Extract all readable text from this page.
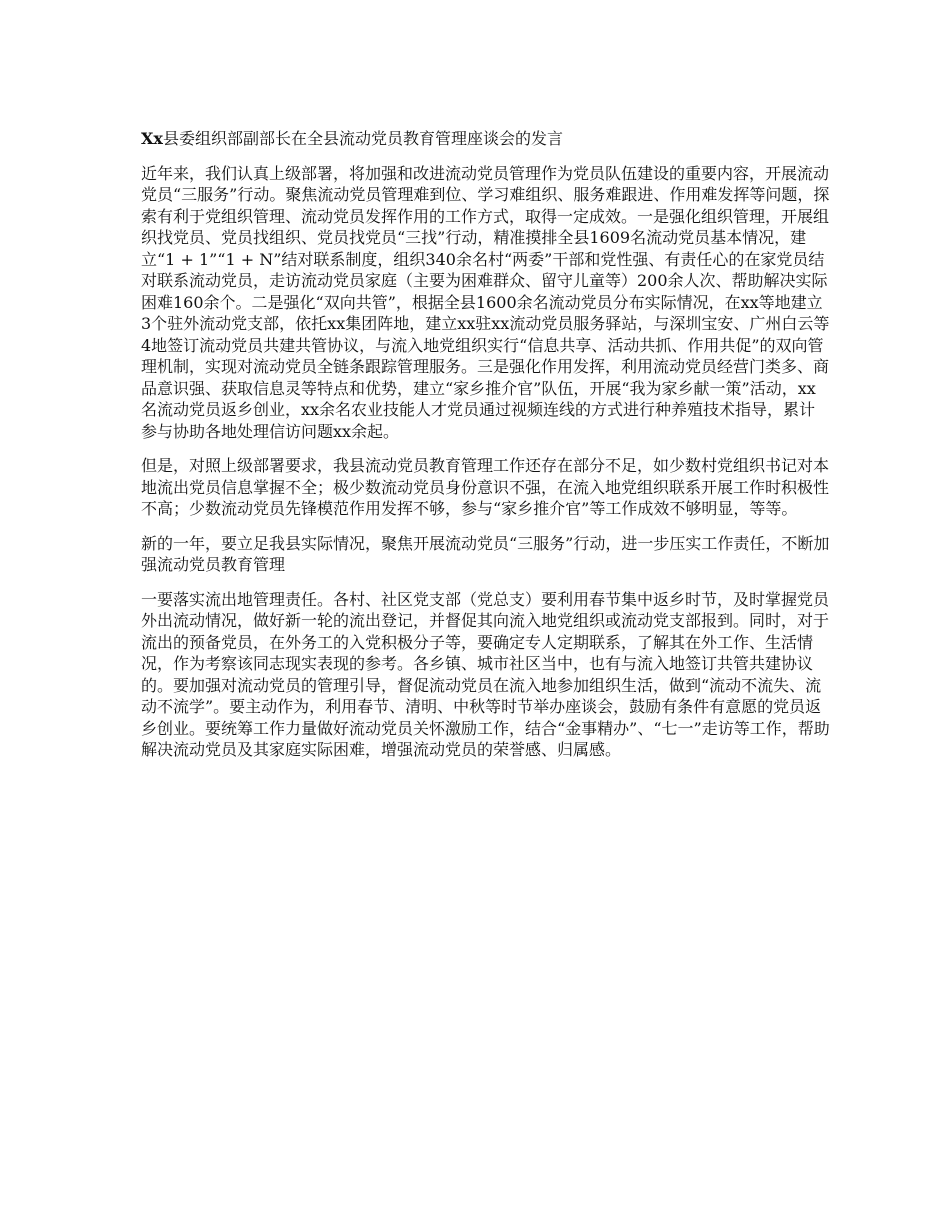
Xx县委组织部副部长在全县流动党员教育管理座谈会的发言

近年来，我们认真上级部署，将加强和改进流动党员管理作为党员队伍建设的重要内容，开展流动党员“三服务”行动。聚焦流动党员管理难到位、学习难组织、服务难跟进、作用难发挥等问题，探索有利于党组织管理、流动党员发挥作用的工作方式，取得一定成效。一是强化组织管理，开展组织找党员、党员找组织、党员找党员“三找”行动，精准摸排全县1609名流动党员基本情况，建立“1 + 1”“1 + N”结对联系制度，组织340余名村“两委”干部和党性强、有责任心的在家党员结对联系流动党员，走访流动党员家庭（主要为困难群众、留守儿童等）200余人次、帮助解决实际困难160余个。二是强化“双向共管”，根据全县1600余名流动党员分布实际情况，在xx等地建立3个驻外流动党支部，依托xx集团阵地，建立xx驻xx流动党员服务驿站，与深圳宝安、广州白云等4地签订流动党员共建共管协议，与流入地党组织实行“信息共享、活动共抓、作用共促”的双向管理机制，实现对流动党员全链条跟踪管理服务。三是强化作用发挥，利用流动党员经营门类多、商品意识强、获取信息灵等特点和优势，建立“家乡推介官”队伍，开展“我为家乡献一策”活动，xx名流动党员返乡创业，xx余名农业技能人才党员通过视频连线的方式进行种养殖技术指导，累计参与协助各地处理信访问题xx余起。

但是，对照上级部署要求，我县流动党员教育管理工作还存在部分不足，如少数村党组织书记对本地流出党员信息掌握不全；极少数流动党员身份意识不强，在流入地党组织联系开展工作时积极性不高；少数流动党员先锋模范作用发挥不够，参与“家乡推介官”等工作成效不够明显，等等。

新的一年，要立足我县实际情况，聚焦开展流动党员“三服务”行动，进一步压实工作责任，不断加强流动党员教育管理

一要落实流出地管理责任。各村、社区党支部（党总支）要利用春节集中返乡时节，及时掌握党员外出流动情况，做好新一轮的流出登记，并督促其向流入地党组织或流动党支部报到。同时，对于流出的预备党员，在外务工的入党积极分子等，要确定专人定期联系，了解其在外工作、生活情况，作为考察该同志现实表现的参考。各乡镇、城市社区当中，也有与流入地签订共管共建协议的。要加强对流动党员的管理引导，督促流动党员在流入地参加组织生活，做到“流动不流失、流动不流学”。要主动作为，利用春节、清明、中秋等时节举办座谈会，鼓励有条件有意愿的党员返乡创业。要统筹工作力量做好流动党员关怀激励工作，结合“金事精办”、“七一”走访等工作，帮助解决流动党员及其家庭实际困难，增强流动党员的荣誉感、归属感。
